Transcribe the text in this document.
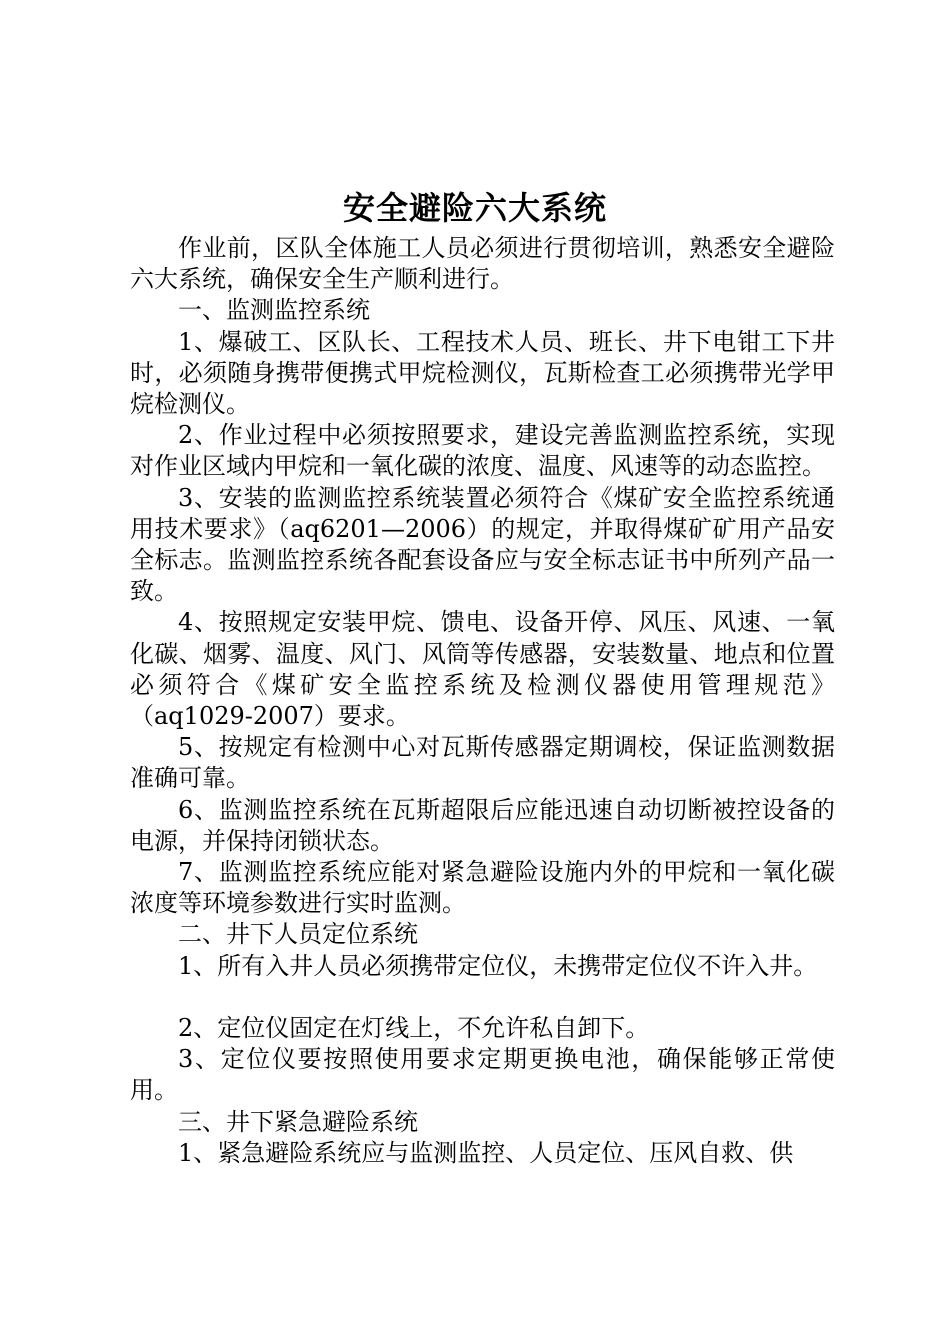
安全避险六大系统

作业前，区队全体施工人员必须进行贯彻培训，熟悉安全避险六大系统，确保安全生产顺利进行。

一、监测监控系统

1、爆破工、区队长、工程技术人员、班长、井下电钳工下井时，必须随身携带便携式甲烷检测仪，瓦斯检查工必须携带光学甲烷检测仪。

2、作业过程中必须按照要求，建设完善监测监控系统，实现对作业区域内甲烷和一氧化碳的浓度、温度、风速等的动态监控。

3、安装的监测监控系统装置必须符合《煤矿安全监控系统通用技术要求》（aq6201—2006）的规定，并取得煤矿矿用产品安全标志。监测监控系统各配套设备应与安全标志证书中所列产品一致。

4、按照规定安装甲烷、馈电、设备开停、风压、风速、一氧化碳、烟雾、温度、风门、风筒等传感器，安装数量、地点和位置必须符合《煤矿安全监控系统及检测仪器使用管理规范》（aq1029-2007）要求。

5、按规定有检测中心对瓦斯传感器定期调校，保证监测数据准确可靠。

6、监测监控系统在瓦斯超限后应能迅速自动切断被控设备的电源，并保持闭锁状态。

7、监测监控系统应能对紧急避险设施内外的甲烷和一氧化碳浓度等环境参数进行实时监测。

二、井下人员定位系统

1、所有入井人员必须携带定位仪，未携带定位仪不许入井。

2、定位仪固定在灯线上，不允许私自卸下。

3、定位仪要按照使用要求定期更换电池，确保能够正常使用。

三、井下紧急避险系统

1、紧急避险系统应与监测监控、人员定位、压风自救、供
